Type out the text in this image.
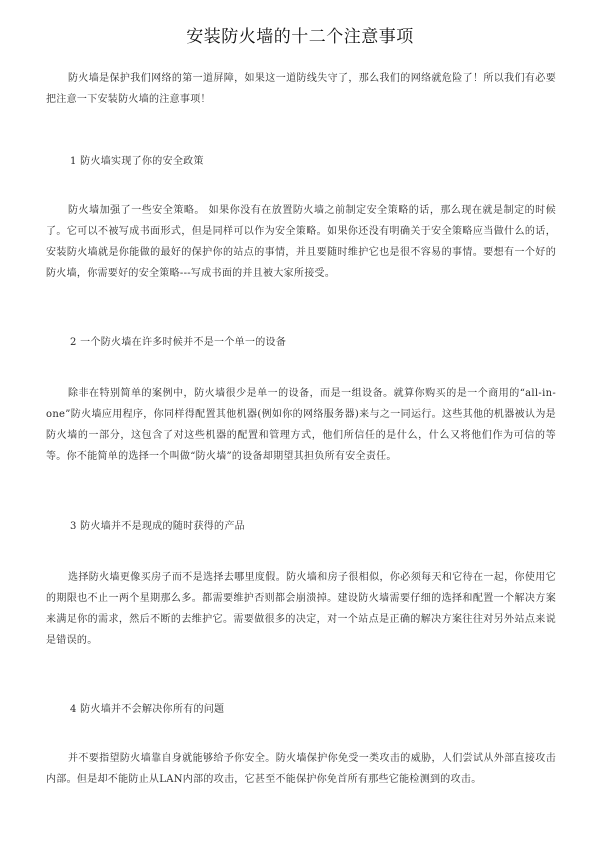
安装防火墙的十二个注意事项

防火墙是保护我们网络的第一道屏障，如果这一道防线失守了，那么我们的网络就危险了！所以我们有必要把注意一下安装防火墙的注意事项！

1 防火墙实现了你的安全政策

防火墙加强了一些安全策略。 如果你没有在放置防火墙之前制定安全策略的话，那么现在就是制定的时候了。它可以不被写成书面形式，但是同样可以作为安全策略。如果你还没有明确关于安全策略应当做什么的话，安装防火墙就是你能做的最好的保护你的站点的事情，并且要随时维护它也是很不容易的事情。要想有一个好的防火墙，你需要好的安全策略---写成书面的并且被大家所接受。

2 一个防火墙在许多时候并不是一个单一的设备

除非在特别简单的案例中，防火墙很少是单一的设备，而是一组设备。就算你购买的是一个商用的“all-in-one”防火墙应用程序，你同样得配置其他机器(例如你的网络服务器)来与之一同运行。这些其他的机器被认为是防火墙的一部分，这包含了对这些机器的配置和管理方式，他们所信任的是什么，什么又将他们作为可信的等等。你不能简单的选择一个叫做“防火墙”的设备却期望其担负所有安全责任。

3 防火墙并不是现成的随时获得的产品

选择防火墙更像买房子而不是选择去哪里度假。防火墙和房子很相似，你必须每天和它待在一起，你使用它的期限也不止一两个星期那么多。都需要维护否则都会崩溃掉。建设防火墙需要仔细的选择和配置一个解决方案来满足你的需求，然后不断的去维护它。需要做很多的决定，对一个站点是正确的解决方案往往对另外站点来说是错误的。

4 防火墙并不会解决你所有的问题

并不要指望防火墙靠自身就能够给予你安全。防火墙保护你免受一类攻击的威胁，人们尝试从外部直接攻击内部。但是却不能防止从LAN内部的攻击，它甚至不能保护你免首所有那些它能检测到的攻击。
